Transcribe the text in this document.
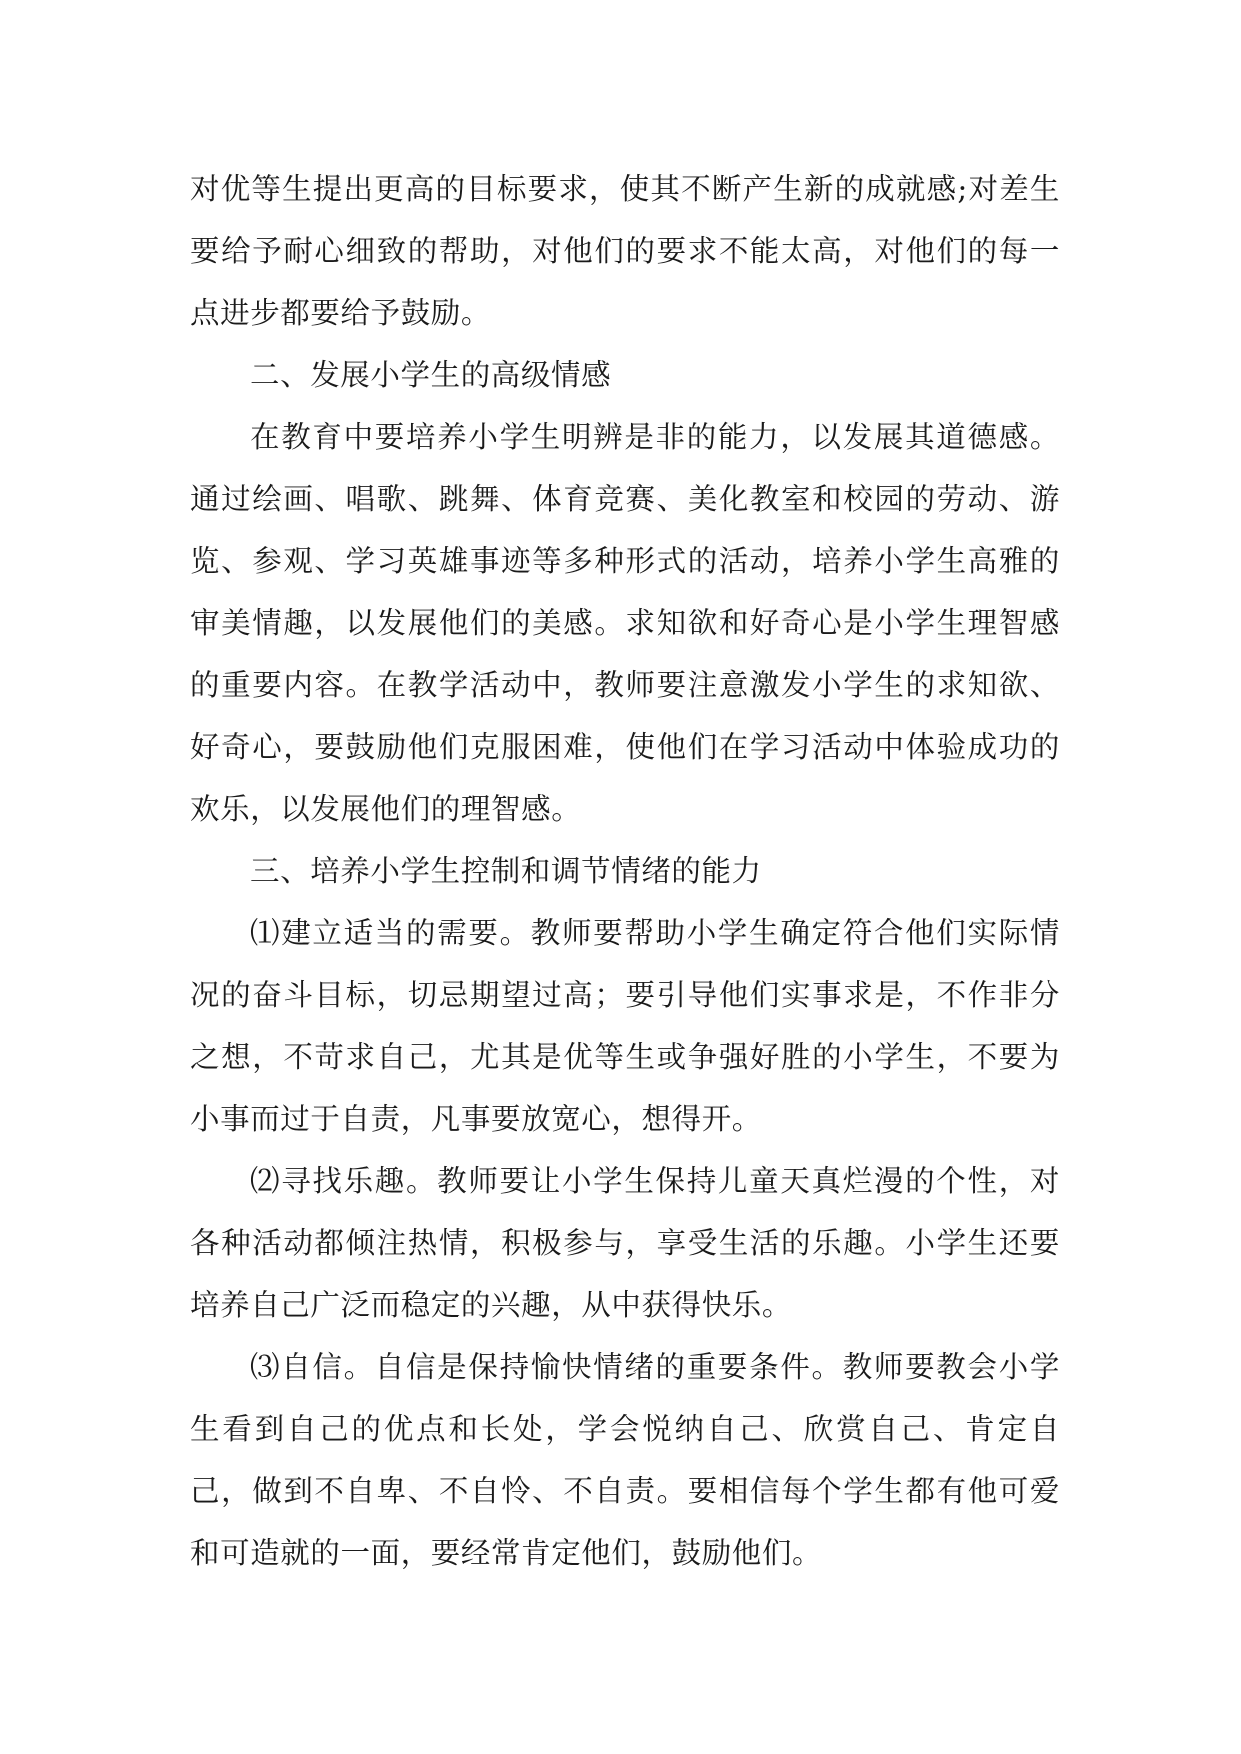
对优等生提出更高的目标要求，使其不断产生新的成就感;对差生要给予耐心细致的帮助，对他们的要求不能太高，对他们的每一点进步都要给予鼓励。

二、发展小学生的高级情感

在教育中要培养小学生明辨是非的能力，以发展其道德感。通过绘画、唱歌、跳舞、体育竞赛、美化教室和校园的劳动、游览、参观、学习英雄事迹等多种形式的活动，培养小学生高雅的审美情趣，以发展他们的美感。求知欲和好奇心是小学生理智感的重要内容。在教学活动中，教师要注意激发小学生的求知欲、好奇心，要鼓励他们克服困难，使他们在学习活动中体验成功的欢乐，以发展他们的理智感。

三、培养小学生控制和调节情绪的能力

⑴建立适当的需要。教师要帮助小学生确定符合他们实际情况的奋斗目标，切忌期望过高；要引导他们实事求是，不作非分之想，不苛求自己，尤其是优等生或争强好胜的小学生，不要为小事而过于自责，凡事要放宽心，想得开。

⑵寻找乐趣。教师要让小学生保持儿童天真烂漫的个性，对各种活动都倾注热情，积极参与，享受生活的乐趣。小学生还要培养自己广泛而稳定的兴趣，从中获得快乐。

⑶自信。自信是保持愉快情绪的重要条件。教师要教会小学生看到自己的优点和长处，学会悦纳自己、欣赏自己、肯定自己，做到不自卑、不自怜、不自责。要相信每个学生都有他可爱和可造就的一面，要经常肯定他们，鼓励他们。
